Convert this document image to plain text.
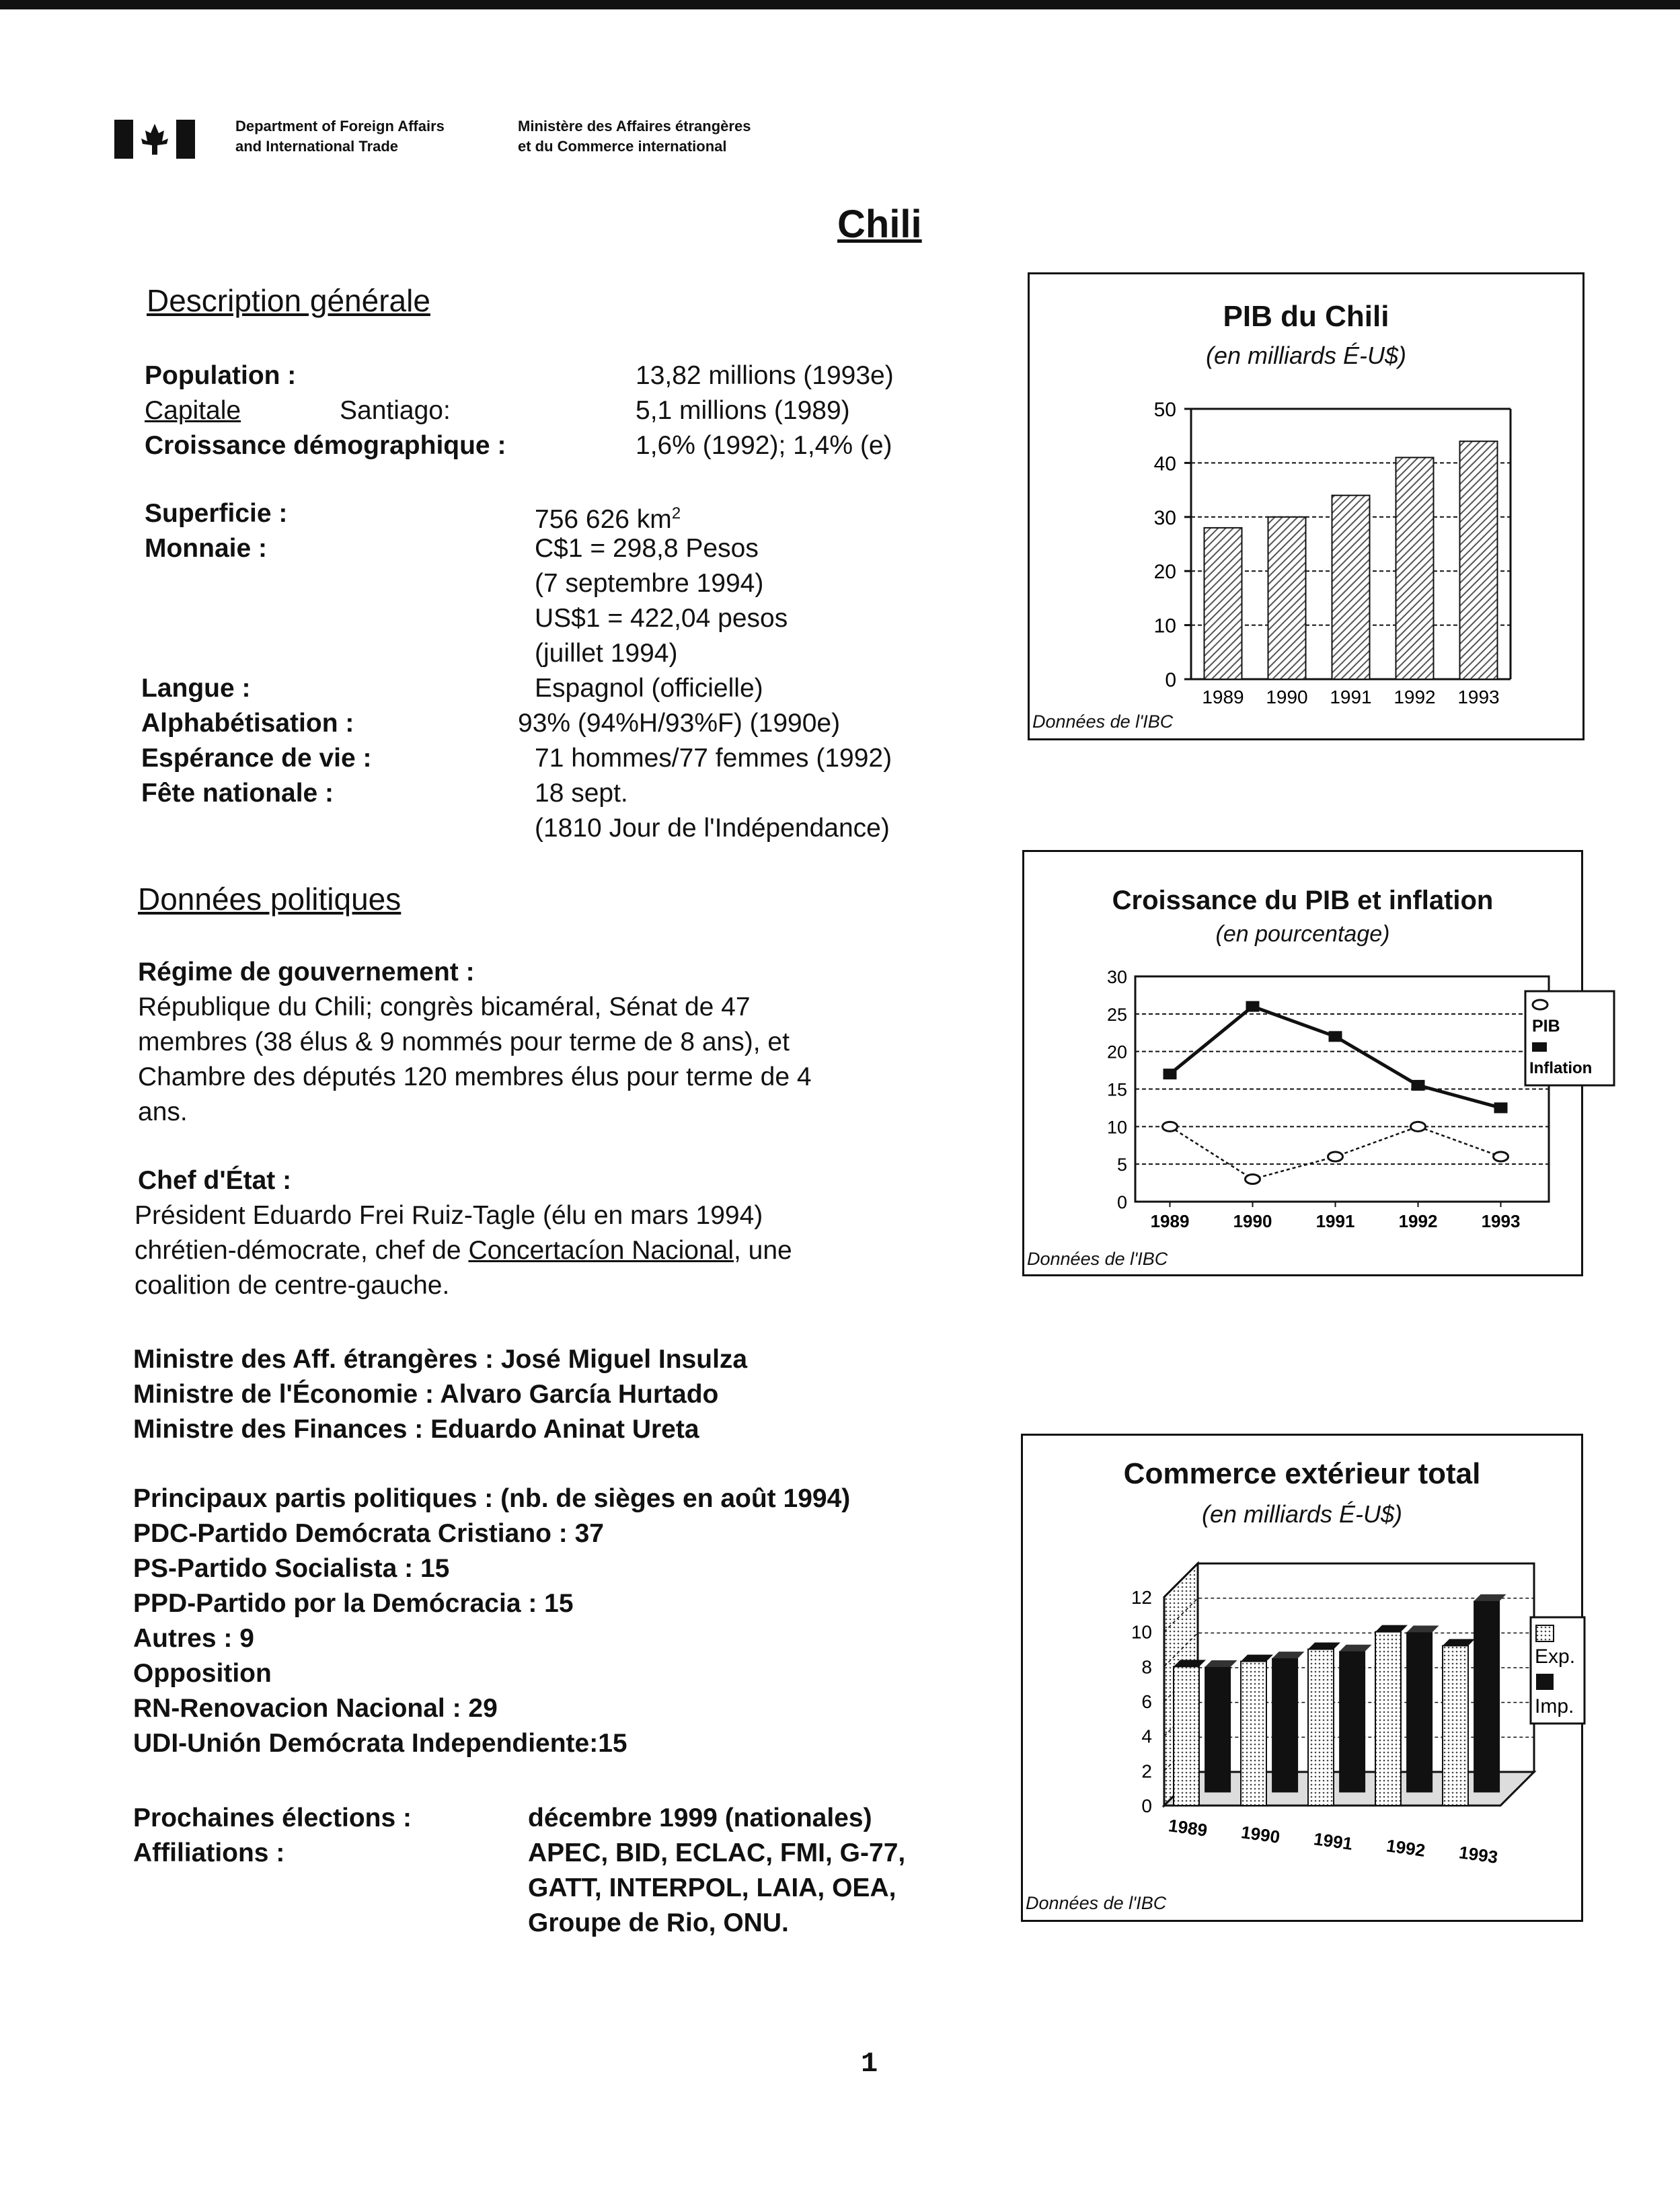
Department of Foreign Affairs
and International Trade
Ministère des Affaires étrangères
et du Commerce international
Chili
Description générale
Population :	13,82 millions (1993e)
Capitale	Santiago:	5,1 millions (1989)
Croissance démographique :	1,6% (1992); 1,4% (e)
Superficie :	756 626 $km^2$
Monnaie :	C$1 = 298,8 Pesos
(7 septembre 1994)
US$1 = 422,04 pesos
(juillet 1994)
Langue :	Espagnol (officielle)
Alphabétisation :	93% (94%H/93%F) (1990e)
Espérance de vie :	71 hommes/77 femmes (1992)
Fête nationale :	18 sept.
(1810 Jour de l'Indépendance)
Données politiques
Régime de gouvernement :
République du Chili; congrès bicaméral, Sénat de 47
membres (38 élus & 9 nommés pour terme de 8 ans), et
Chambre des députés 120 membres élus pour terme de 4
ans.
Chef d'État :
Président Eduardo Frei Ruiz-Tagle (élu en mars 1994)
chrétien-démocrate, chef de Concertacíon Nacional, une
coalition de centre-gauche.
Ministre des Aff. étrangères : José Miguel Insulza
Ministre de l'Économie : Alvaro García Hurtado
Ministre des Finances : Eduardo Aninat Ureta
Principaux partis politiques : (nb. de sièges en août 1994)
PDC-Partido Demócrata Cristiano : 37
PS-Partido Socialista : 15
PPD-Partido por la Demócracia : 15
Autres : 9
Opposition
RN-Renovacion Nacional : 29
UDI-Unión Demócrata Independiente:15
Prochaines élections :	décembre 1999 (nationales)
Affiliations :	APEC, BID, ECLAC, FMI, G-77,
GATT, INTERPOL, LAIA, OEA,
Groupe de Rio, ONU.
PIB du Chili
(en milliards É-U$)
0
10
20
30
40
50
1989 1990 1991 1992 1993
Données de l'IBC
Croissance du PIB et inflation
(en pourcentage)
0
5
10
15
20
25
30
1989	1990	1991	1992	1993
PIB
Inflation
Données de l'IBC
Commerce extérieur total
(en milliards É-U$)
0
2
4
6
8
10
12
1989 1990 1991 1992 1993
Exp.
Imp.
Données de l'IBC
1
